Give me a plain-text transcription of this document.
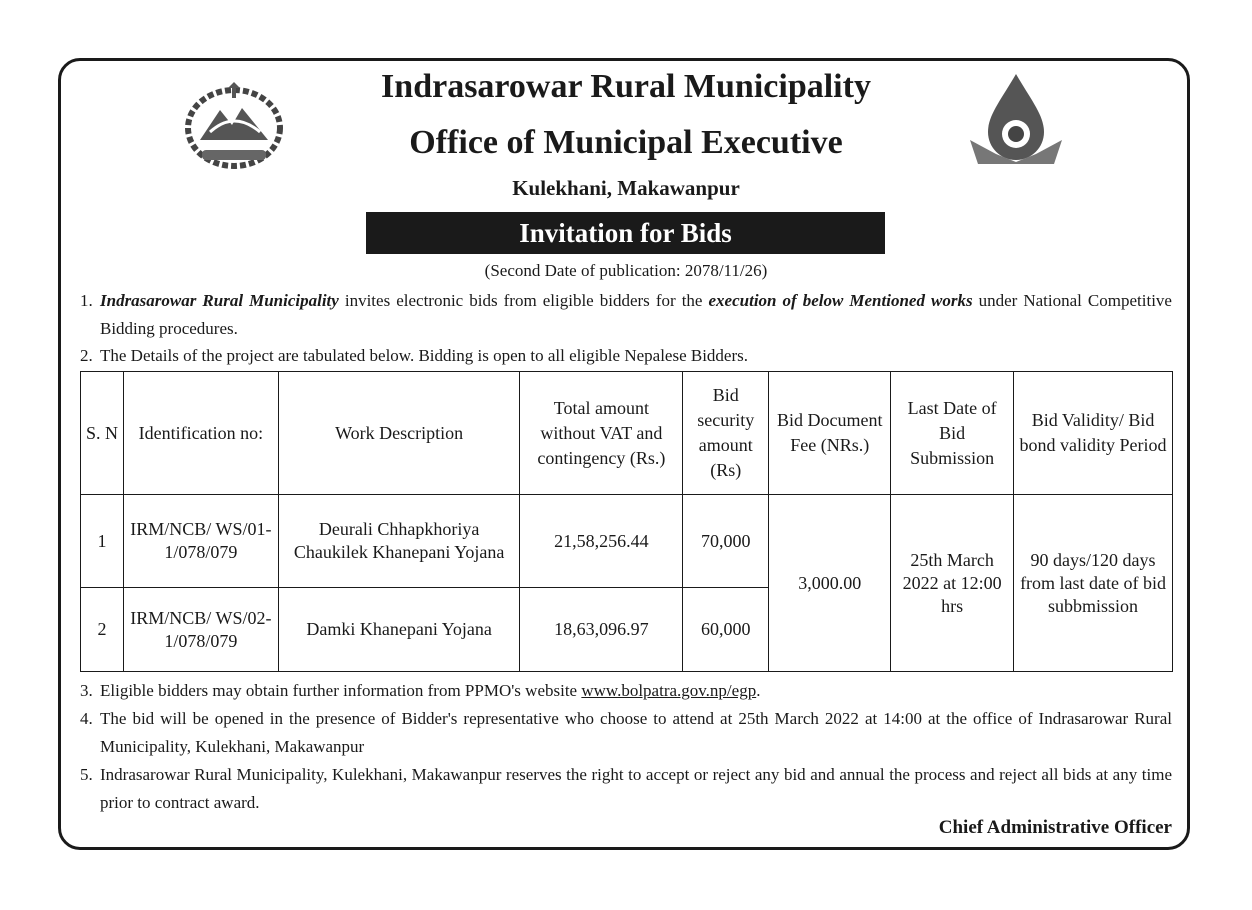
Indrasarowar Rural Municipality
Office of Municipal Executive
Kulekhani, Makawanpur
Invitation for Bids
(Second Date of publication: 2078/11/26)
1. Indrasarowar Rural Municipality invites electronic bids from eligible bidders for the execution of below Mentioned works under National Competitive Bidding procedures.
2. The Details of the project are tabulated below. Bidding is open to all eligible Nepalese Bidders.
S. N	Identification no:	Work Description	Total amount without VAT and contingency (Rs.)	Bid security amount (Rs)	Bid Document Fee (NRs.)	Last Date of Bid Submission	Bid Validity/ Bid bond validity Period
1	IRM/NCB/ WS/01- 1/078/079	Deurali Chhapkhoriya Chaukilek Khanepani Yojana	21,58,256.44	70,000	3,000.00	25th March 2022 at 12:00 hrs	90 days/120 days from last date of bid subbmission
2	IRM/NCB/ WS/02- 1/078/079	Damki Khanepani Yojana	18,63,096.97	60,000			
3. Eligible bidders may obtain further information from PPMO's website www.bolpatra.gov.np/egp.
4. The bid will be opened in the presence of Bidder's representative who choose to attend at 25th March 2022 at 14:00 at the office of Indrasarowar Rural Municipality, Kulekhani, Makawanpur
5. Indrasarowar Rural Municipality, Kulekhani, Makawanpur reserves the right to accept or reject any bid and annual the process and reject all bids at any time prior to contract award.
Chief Administrative Officer
